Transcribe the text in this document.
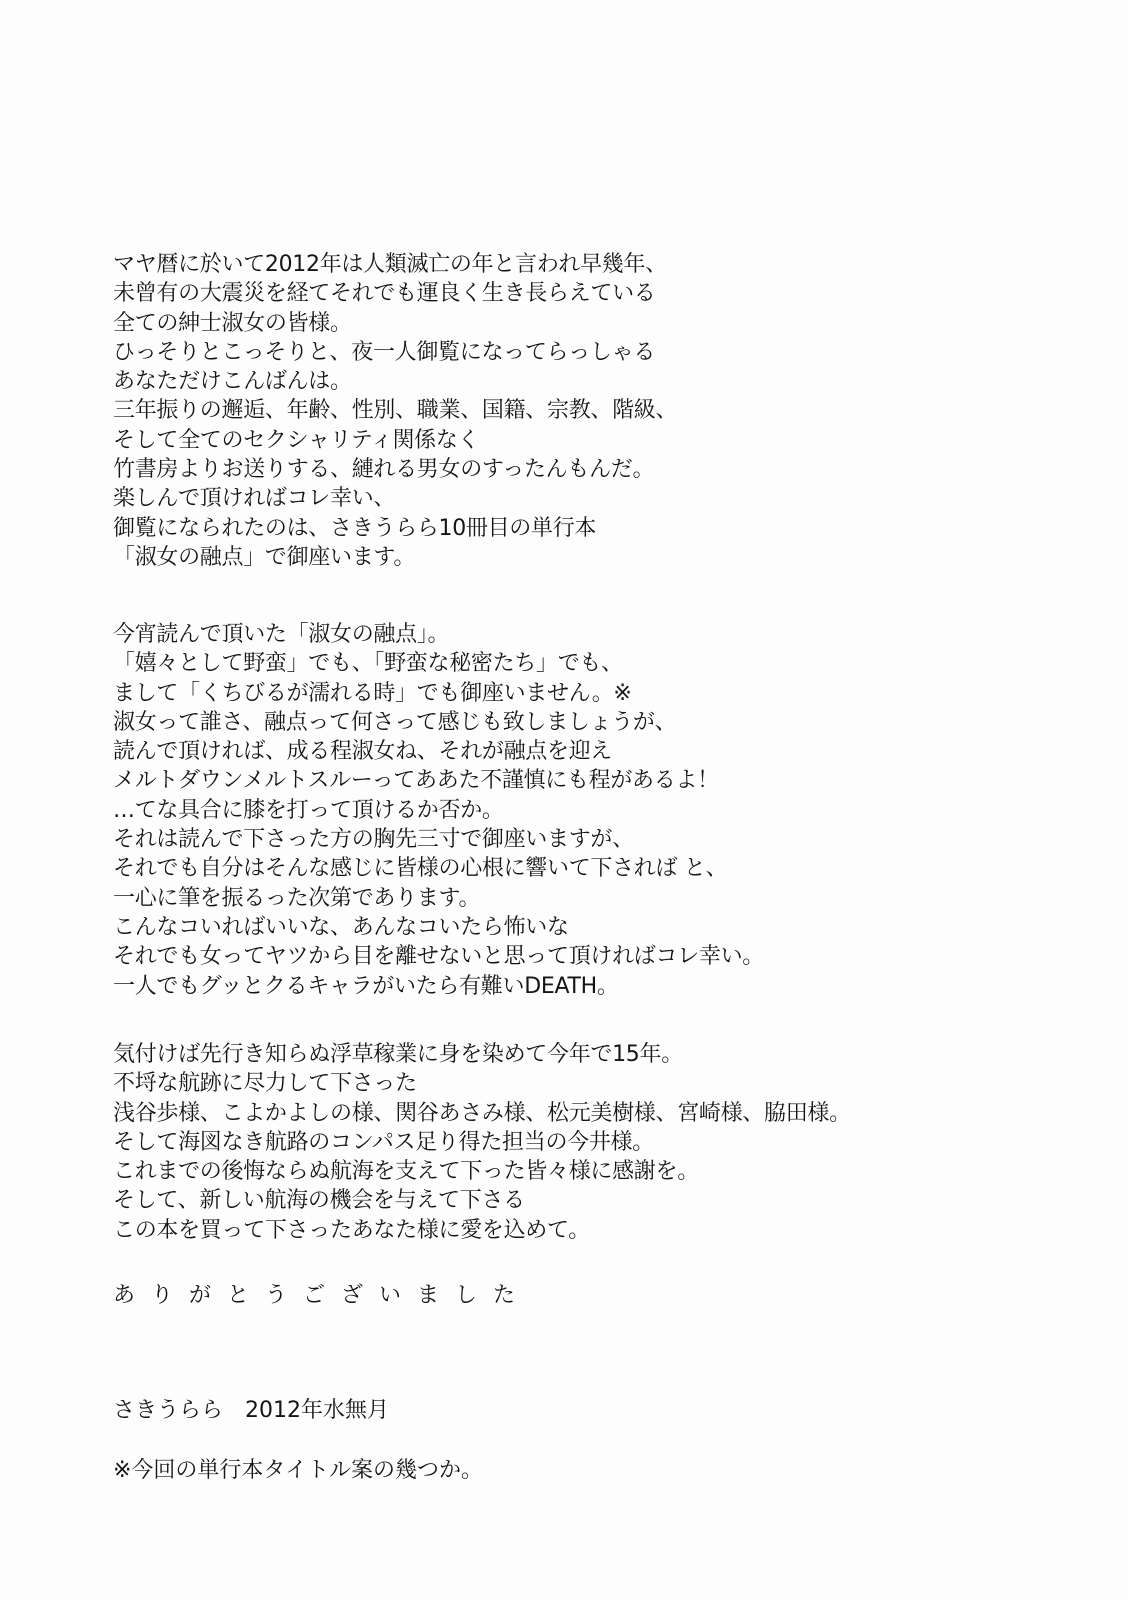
マヤ暦に於いて2012年は人類滅亡の年と言われ早幾年、
未曾有の大震災を経てそれでも運良く生き長らえている
全ての紳士淑女の皆様。
ひっそりとこっそりと、夜一人御覧になってらっしゃる
あなただけこんばんは。
三年振りの邂逅、年齢、性別、職業、国籍、宗教、階級、
そして全てのセクシャリティ関係なく
竹書房よりお送りする、縺れる男女のすったんもんだ。
楽しんで頂ければコレ幸い、
御覧になられたのは、さきうらら10冊目の単行本
「淑女の融点」で御座います。
今宵読んで頂いた「淑女の融点」。
「嬉々として野蛮」でも、「野蛮な秘密たち」でも、
まして「くちびるが濡れる時」でも御座いません。※
淑女って誰さ、融点って何さって感じも致しましょうが、
読んで頂ければ、成る程淑女ね、それが融点を迎え
メルトダウンメルトスルーってああた不謹慎にも程があるよ！
…てな具合に膝を打って頂けるか否か。
それは読んで下さった方の胸先三寸で御座いますが、
それでも自分はそんな感じに皆様の心根に響いて下されば と、
一心に筆を振るった次第であります。
こんなコいればいいな、あんなコいたら怖いな
それでも女ってヤツから目を離せないと思って頂ければコレ幸い。
一人でもグッとクるキャラがいたら有難いDEATH。
気付けば先行き知らぬ浮草稼業に身を染めて今年で15年。
不埒な航跡に尽力して下さった
浅谷歩様、こよかよしの様、関谷あさみ様、松元美樹様、宮崎様、脇田様。
そして海図なき航路のコンパス足り得た担当の今井様。
これまでの後悔ならぬ航海を支えて下った皆々様に感謝を。
そして、新しい航海の機会を与えて下さる
この本を買って下さったあなた様に愛を込めて。
ありがとうございました
さきうらら　2012年水無月
※今回の単行本タイトル案の幾つか。
